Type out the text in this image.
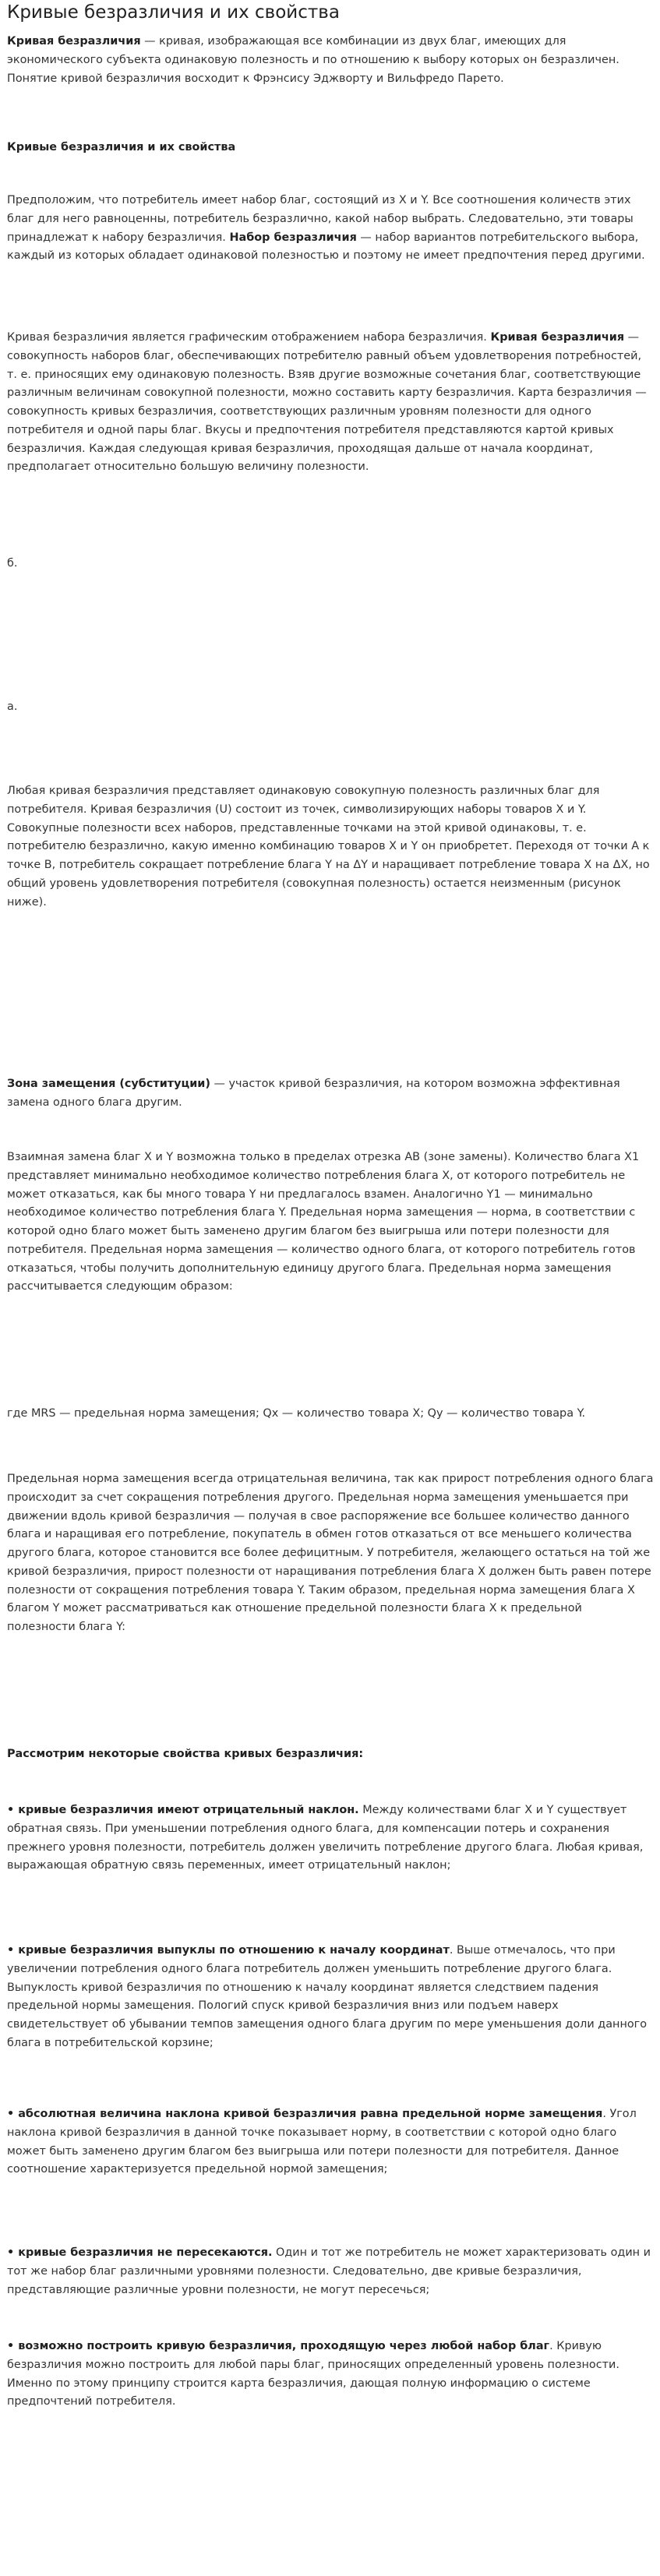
Кривые безразличия и их свойства

Кривая безразличия — кривая, изображающая все комбинации из двух благ, имеющих для экономического субъекта одинаковую полезность и по отношению к выбору которых он безразличен. Понятие кривой безразличия восходит к Фрэнсису Эджворту и Вильфредо Парето.

Кривые безразличия и их свойства

Предположим, что потребитель имеет набор благ, состоящий из X и Y. Все соотношения количеств этих благ для него равноценны, потребитель безразлично, какой набор выбрать. Следовательно, эти товары принадлежат к набору безразличия. Набор безразличия — набор вариантов потребительского выбора, каждый из которых обладает одинаковой полезностью и поэтому не имеет предпочтения перед другими.

Кривая безразличия является графическим отображением набора безразличия. Кривая безразличия — совокупность наборов благ, обеспечивающих потребителю равный объем удовлетворения потребностей, т. е. приносящих ему одинаковую полезность. Взяв другие возможные сочетания благ, соответствующие различным величинам совокупной полезности, можно составить карту безразличия. Карта безразличия — совокупность кривых безразличия, соответствующих различным уровням полезности для одного потребителя и одной пары благ. Вкусы и предпочтения потребителя представляются картой кривых безразличия. Каждая следующая кривая безразличия, проходящая дальше от начала координат, предполагает относительно большую величину полезности.

б.

а.

Любая кривая безразличия представляет одинаковую совокупную полезность различных благ для потребителя. Кривая безразличия (U) состоит из точек, символизирующих наборы товаров X и Y. Совокупные полезности всех наборов, представленные точками на этой кривой одинаковы, т. е. потребителю безразлично, какую именно комбинацию товаров X и Y он приобретет. Переходя от точки A к точке B, потребитель сокращает потребление блага Y на ΔY и наращивает потребление товара X на ΔX, но общий уровень удовлетворения потребителя (совокупная полезность) остается неизменным (рисунок ниже).

Зона замещения (субституции) — участок кривой безразличия, на котором возможна эффективная замена одного блага другим.

Взаимная замена благ X и Y возможна только в пределах отрезка AB (зоне замены). Количество блага X1 представляет минимально необходимое количество потребления блага X, от которого потребитель не может отказаться, как бы много товара Y ни предлагалось взамен. Аналогично Y1 — минимально необходимое количество потребления блага Y. Предельная норма замещения — норма, в соответствии с которой одно благо может быть заменено другим благом без выигрыша или потери полезности для потребителя. Предельная норма замещения — количество одного блага, от которого потребитель готов отказаться, чтобы получить дополнительную единицу другого блага. Предельная норма замещения рассчитывается следующим образом:

где MRS — предельная норма замещения; Qx — количество товара X; Qy — количество товара Y.

Предельная норма замещения всегда отрицательная величина, так как прирост потребления одного блага происходит за счет сокращения потребления другого. Предельная норма замещения уменьшается при движении вдоль кривой безразличия — получая в свое распоряжение все большее количество данного блага и наращивая его потребление, покупатель в обмен готов отказаться от все меньшего количества другого блага, которое становится все более дефицитным. У потребителя, желающего остаться на той же кривой безразличия, прирост полезности от наращивания потребления блага X должен быть равен потере полезности от сокращения потребления товара Y. Таким образом, предельная норма замещения блага X благом Y может рассматриваться как отношение предельной полезности блага X к предельной полезности блага Y:

Рассмотрим некоторые свойства кривых безразличия:

• кривые безразличия имеют отрицательный наклон. Между количествами благ X и Y существует обратная связь. При уменьшении потребления одного блага, для компенсации потерь и сохранения прежнего уровня полезности, потребитель должен увеличить потребление другого блага. Любая кривая, выражающая обратную связь переменных, имеет отрицательный наклон;

• кривые безразличия выпуклы по отношению к началу координат. Выше отмечалось, что при увеличении потребления одного блага потребитель должен уменьшить потребление другого блага. Выпуклость кривой безразличия по отношению к началу координат является следствием падения предельной нормы замещения. Пологий спуск кривой безразличия вниз или подъем наверх свидетельствует об убывании темпов замещения одного блага другим по мере уменьшения доли данного блага в потребительской корзине;

• абсолютная величина наклона кривой безразличия равна предельной норме замещения. Угол наклона кривой безразличия в данной точке показывает норму, в соответствии с которой одно благо может быть заменено другим благом без выигрыша или потери полезности для потребителя. Данное соотношение характеризуется предельной нормой замещения;

• кривые безразличия не пересекаются. Один и тот же потребитель не может характеризовать один и тот же набор благ различными уровнями полезности. Следовательно, две кривые безразличия, представляющие различные уровни полезности, не могут пересечься;

• возможно построить кривую безразличия, проходящую через любой набор благ. Кривую безразличия можно построить для любой пары благ, приносящих определенный уровень полезности. Именно по этому принципу строится карта безразличия, дающая полную информацию о системе предпочтений потребителя.
